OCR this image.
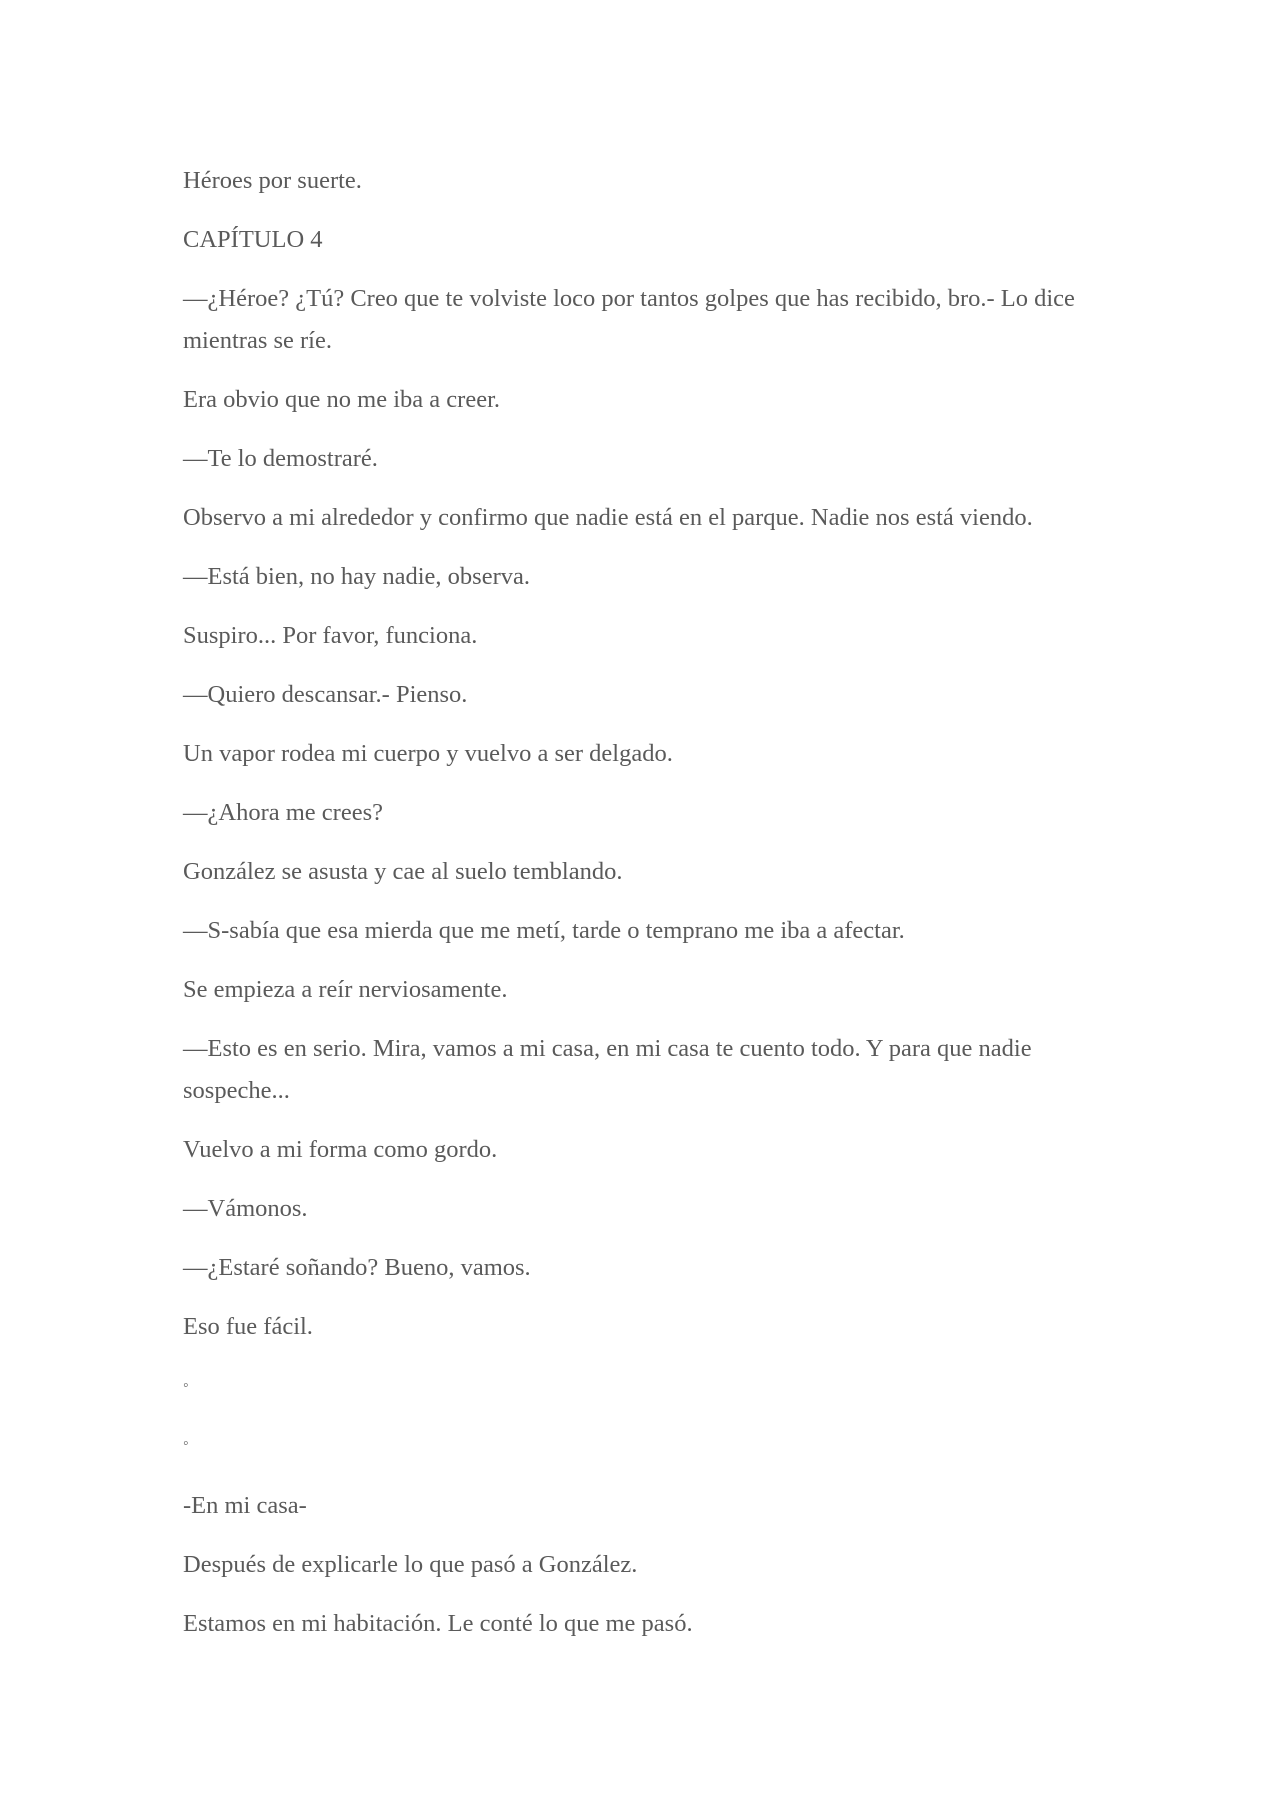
Héroes por suerte.

CAPÍTULO 4

—¿Héroe? ¿Tú? Creo que te volviste loco por tantos golpes que has recibido, bro.- Lo dice mientras se ríe.

Era obvio que no me iba a creer.

—Te lo demostraré.

Observo a mi alrededor y confirmo que nadie está en el parque. Nadie nos está viendo.

—Está bien, no hay nadie, observa.

Suspiro... Por favor, funciona.

—Quiero descansar.- Pienso.

Un vapor rodea mi cuerpo y vuelvo a ser delgado.

—¿Ahora me crees?

González se asusta y cae al suelo temblando.

—S-sabía que esa mierda que me metí, tarde o temprano me iba a afectar.

Se empieza a reír nerviosamente.

—Esto es en serio. Mira, vamos a mi casa, en mi casa te cuento todo. Y para que nadie sospeche...

Vuelvo a mi forma como gordo.

—Vámonos.

—¿Estaré soñando? Bueno, vamos.

Eso fue fácil.

◦

◦

-En mi casa-

Después de explicarle lo que pasó a González.

Estamos en mi habitación. Le conté lo que me pasó.
